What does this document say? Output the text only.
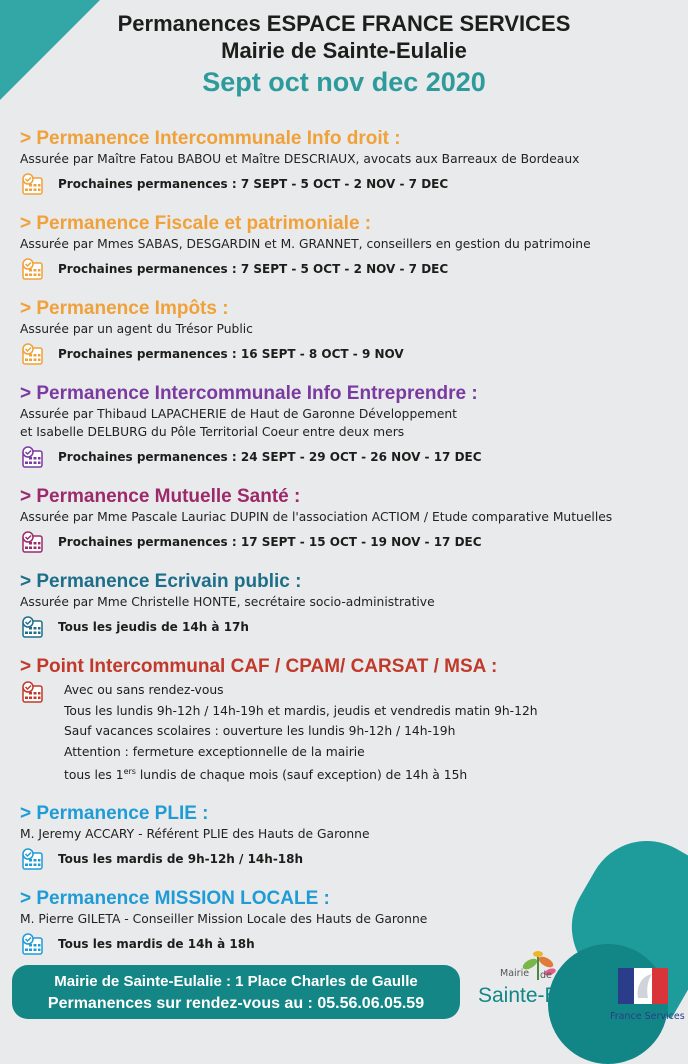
Permanences ESPACE FRANCE SERVICES
Mairie de Sainte-Eulalie
Sept oct nov dec 2020
> Permanence Intercommunale Info droit :
Assurée par Maître Fatou BABOU et Maître DESCRIAUX, avocats aux Barreaux de Bordeaux
Prochaines permanences : 7 SEPT - 5 OCT - 2 NOV - 7 DEC
> Permanence Fiscale et patrimoniale :
Assurée par Mmes SABAS, DESGARDIN et M. GRANNET, conseillers en gestion du patrimoine
Prochaines permanences : 7 SEPT - 5 OCT - 2 NOV - 7 DEC
> Permanence Impôts :
Assurée par un agent du Trésor Public
Prochaines permanences : 16 SEPT - 8 OCT - 9 NOV
> Permanence Intercommunale Info Entreprendre :
Assurée par Thibaud LAPACHERIE de Haut de Garonne Développement
et Isabelle DELBURG du Pôle Territorial Coeur entre deux mers
Prochaines permanences : 24 SEPT - 29 OCT - 26 NOV - 17 DEC
> Permanence Mutuelle Santé :
Assurée par Mme Pascale Lauriac DUPIN de l'association ACTIOM / Etude comparative Mutuelles
Prochaines permanences : 17 SEPT - 15 OCT - 19 NOV - 17 DEC
> Permanence Ecrivain public :
Assurée par Mme Christelle HONTE, secrétaire socio-administrative
Tous les jeudis de 14h à 17h
> Point Intercommunal CAF / CPAM/ CARSAT / MSA :
Avec ou sans rendez-vous
Tous les lundis 9h-12h / 14h-19h et mardis, jeudis et vendredis matin 9h-12h
Sauf vacances scolaires : ouverture les lundis 9h-12h / 14h-19h
Attention : fermeture exceptionnelle de la mairie
tous les 1ers lundis de chaque mois (sauf exception) de 14h à 15h
> Permanence PLIE :
M. Jeremy ACCARY - Référent PLIE des Hauts de Garonne
Tous les mardis de 9h-12h / 14h-18h
> Permanence MISSION LOCALE :
M. Pierre GILETA - Conseiller Mission Locale des Hauts de Garonne
Tous les mardis de 14h à 18h
Mairie de Sainte-Eulalie : 1 Place Charles de Gaulle
Permanences sur rendez-vous au : 05.56.06.05.59
Mairie de
Sainte-Eulalie
France Services
